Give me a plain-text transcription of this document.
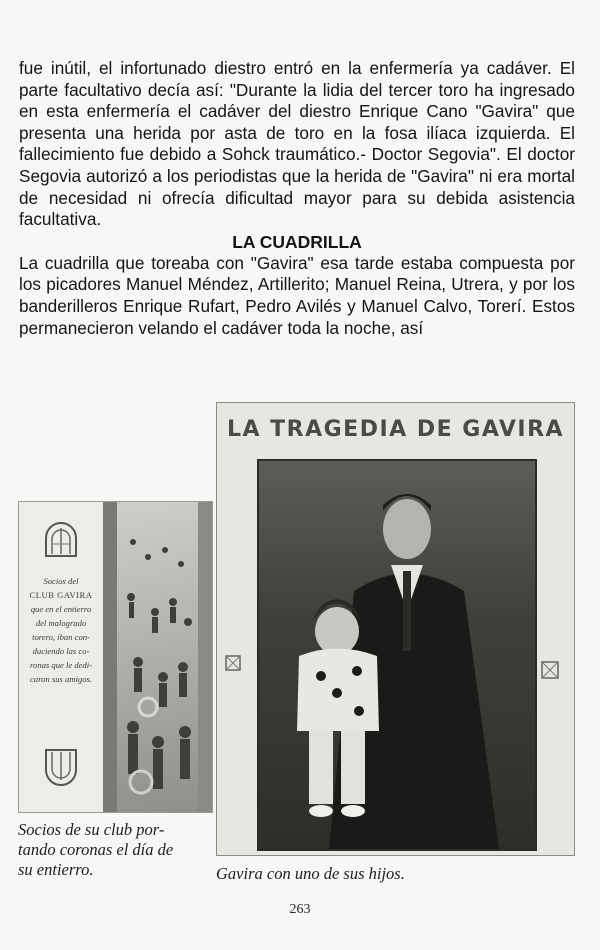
fue inútil, el infortunado diestro entró en la enfermería ya cadáver. El parte facultativo decía así: "Durante la lidia del tercer toro ha ingresado en esta enfermería el cadáver del diestro Enrique Cano "Gavira" que presenta una herida por asta de toro en la fosa ilíaca izquierda. El fallecimiento fue debido a Sohck traumático.- Doctor Segovia". El doctor Segovia autorizó a los periodistas que la herida de "Gavira" ni era mortal de necesidad ni ofrecía dificultad mayor para su debida asistencia facultativa.

LA CUADRILLA

La cuadrilla que toreaba con "Gavira" esa tarde estaba compuesta por los picadores Manuel Méndez, Artillerito; Manuel Reina, Utrera, y por los banderilleros Enrique Rufart, Pedro Avilés y Manuel Calvo, Torerí. Estos permanecieron velando el cadáver toda la noche, así

Socios del
CLUB GAVIRA
que en el entierro
del malogrado
torero, iban con-
duciendo las co-
ronas que le dedi-
caron sus amigos.
Socios de su club por-
tando coronas el día de
su entierro.
LA TRAGEDIA DE GAVIRA
Gavira con uno de sus hijos.
263
